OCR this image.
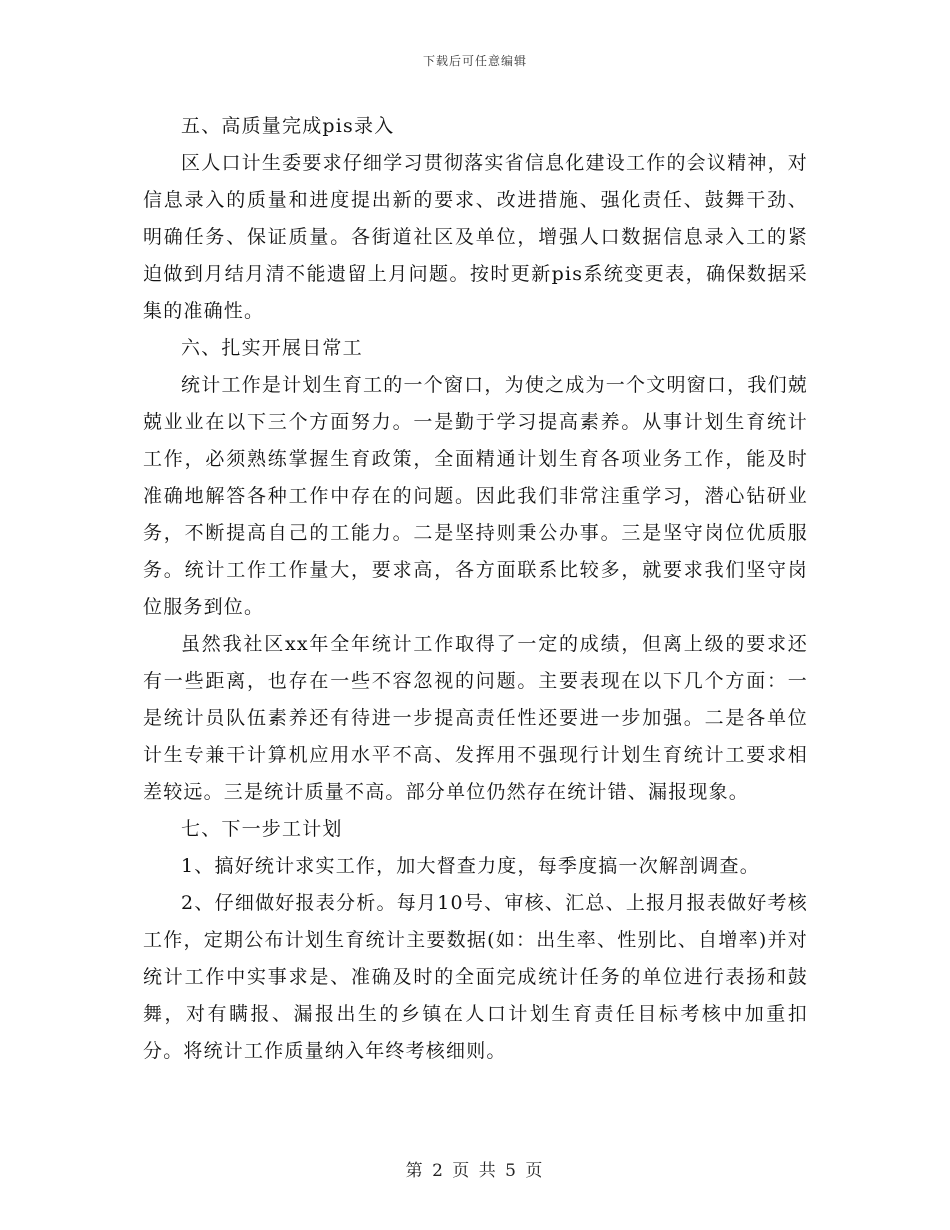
下载后可任意编辑

五、高质量完成pis录入

区人口计生委要求仔细学习贯彻落实省信息化建设工作的会议精神，对信息录入的质量和进度提出新的要求、改进措施、强化责任、鼓舞干劲、明确任务、保证质量。各街道社区及单位，增强人口数据信息录入工的紧迫做到月结月清不能遗留上月问题。按时更新pis系统变更表，确保数据采集的准确性。

六、扎实开展日常工

统计工作是计划生育工的一个窗口，为使之成为一个文明窗口，我们兢兢业业在以下三个方面努力。一是勤于学习提高素养。从事计划生育统计工作，必须熟练掌握生育政策，全面精通计划生育各项业务工作，能及时准确地解答各种工作中存在的问题。因此我们非常注重学习，潜心钻研业务，不断提高自己的工能力。二是坚持则秉公办事。三是坚守岗位优质服务。统计工作工作量大，要求高，各方面联系比较多，就要求我们坚守岗位服务到位。

虽然我社区xx年全年统计工作取得了一定的成绩，但离上级的要求还有一些距离，也存在一些不容忽视的问题。主要表现在以下几个方面：一是统计员队伍素养还有待进一步提高责任性还要进一步加强。二是各单位计生专兼干计算机应用水平不高、发挥用不强现行计划生育统计工要求相差较远。三是统计质量不高。部分单位仍然存在统计错、漏报现象。

七、下一步工计划

1、搞好统计求实工作，加大督查力度，每季度搞一次解剖调查。

2、仔细做好报表分析。每月10号、审核、汇总、上报月报表做好考核工作，定期公布计划生育统计主要数据(如：出生率、性别比、自增率)并对统计工作中实事求是、准确及时的全面完成统计任务的单位进行表扬和鼓舞，对有瞒报、漏报出生的乡镇在人口计划生育责任目标考核中加重扣分。将统计工作质量纳入年终考核细则。

第 2 页 共 5 页
